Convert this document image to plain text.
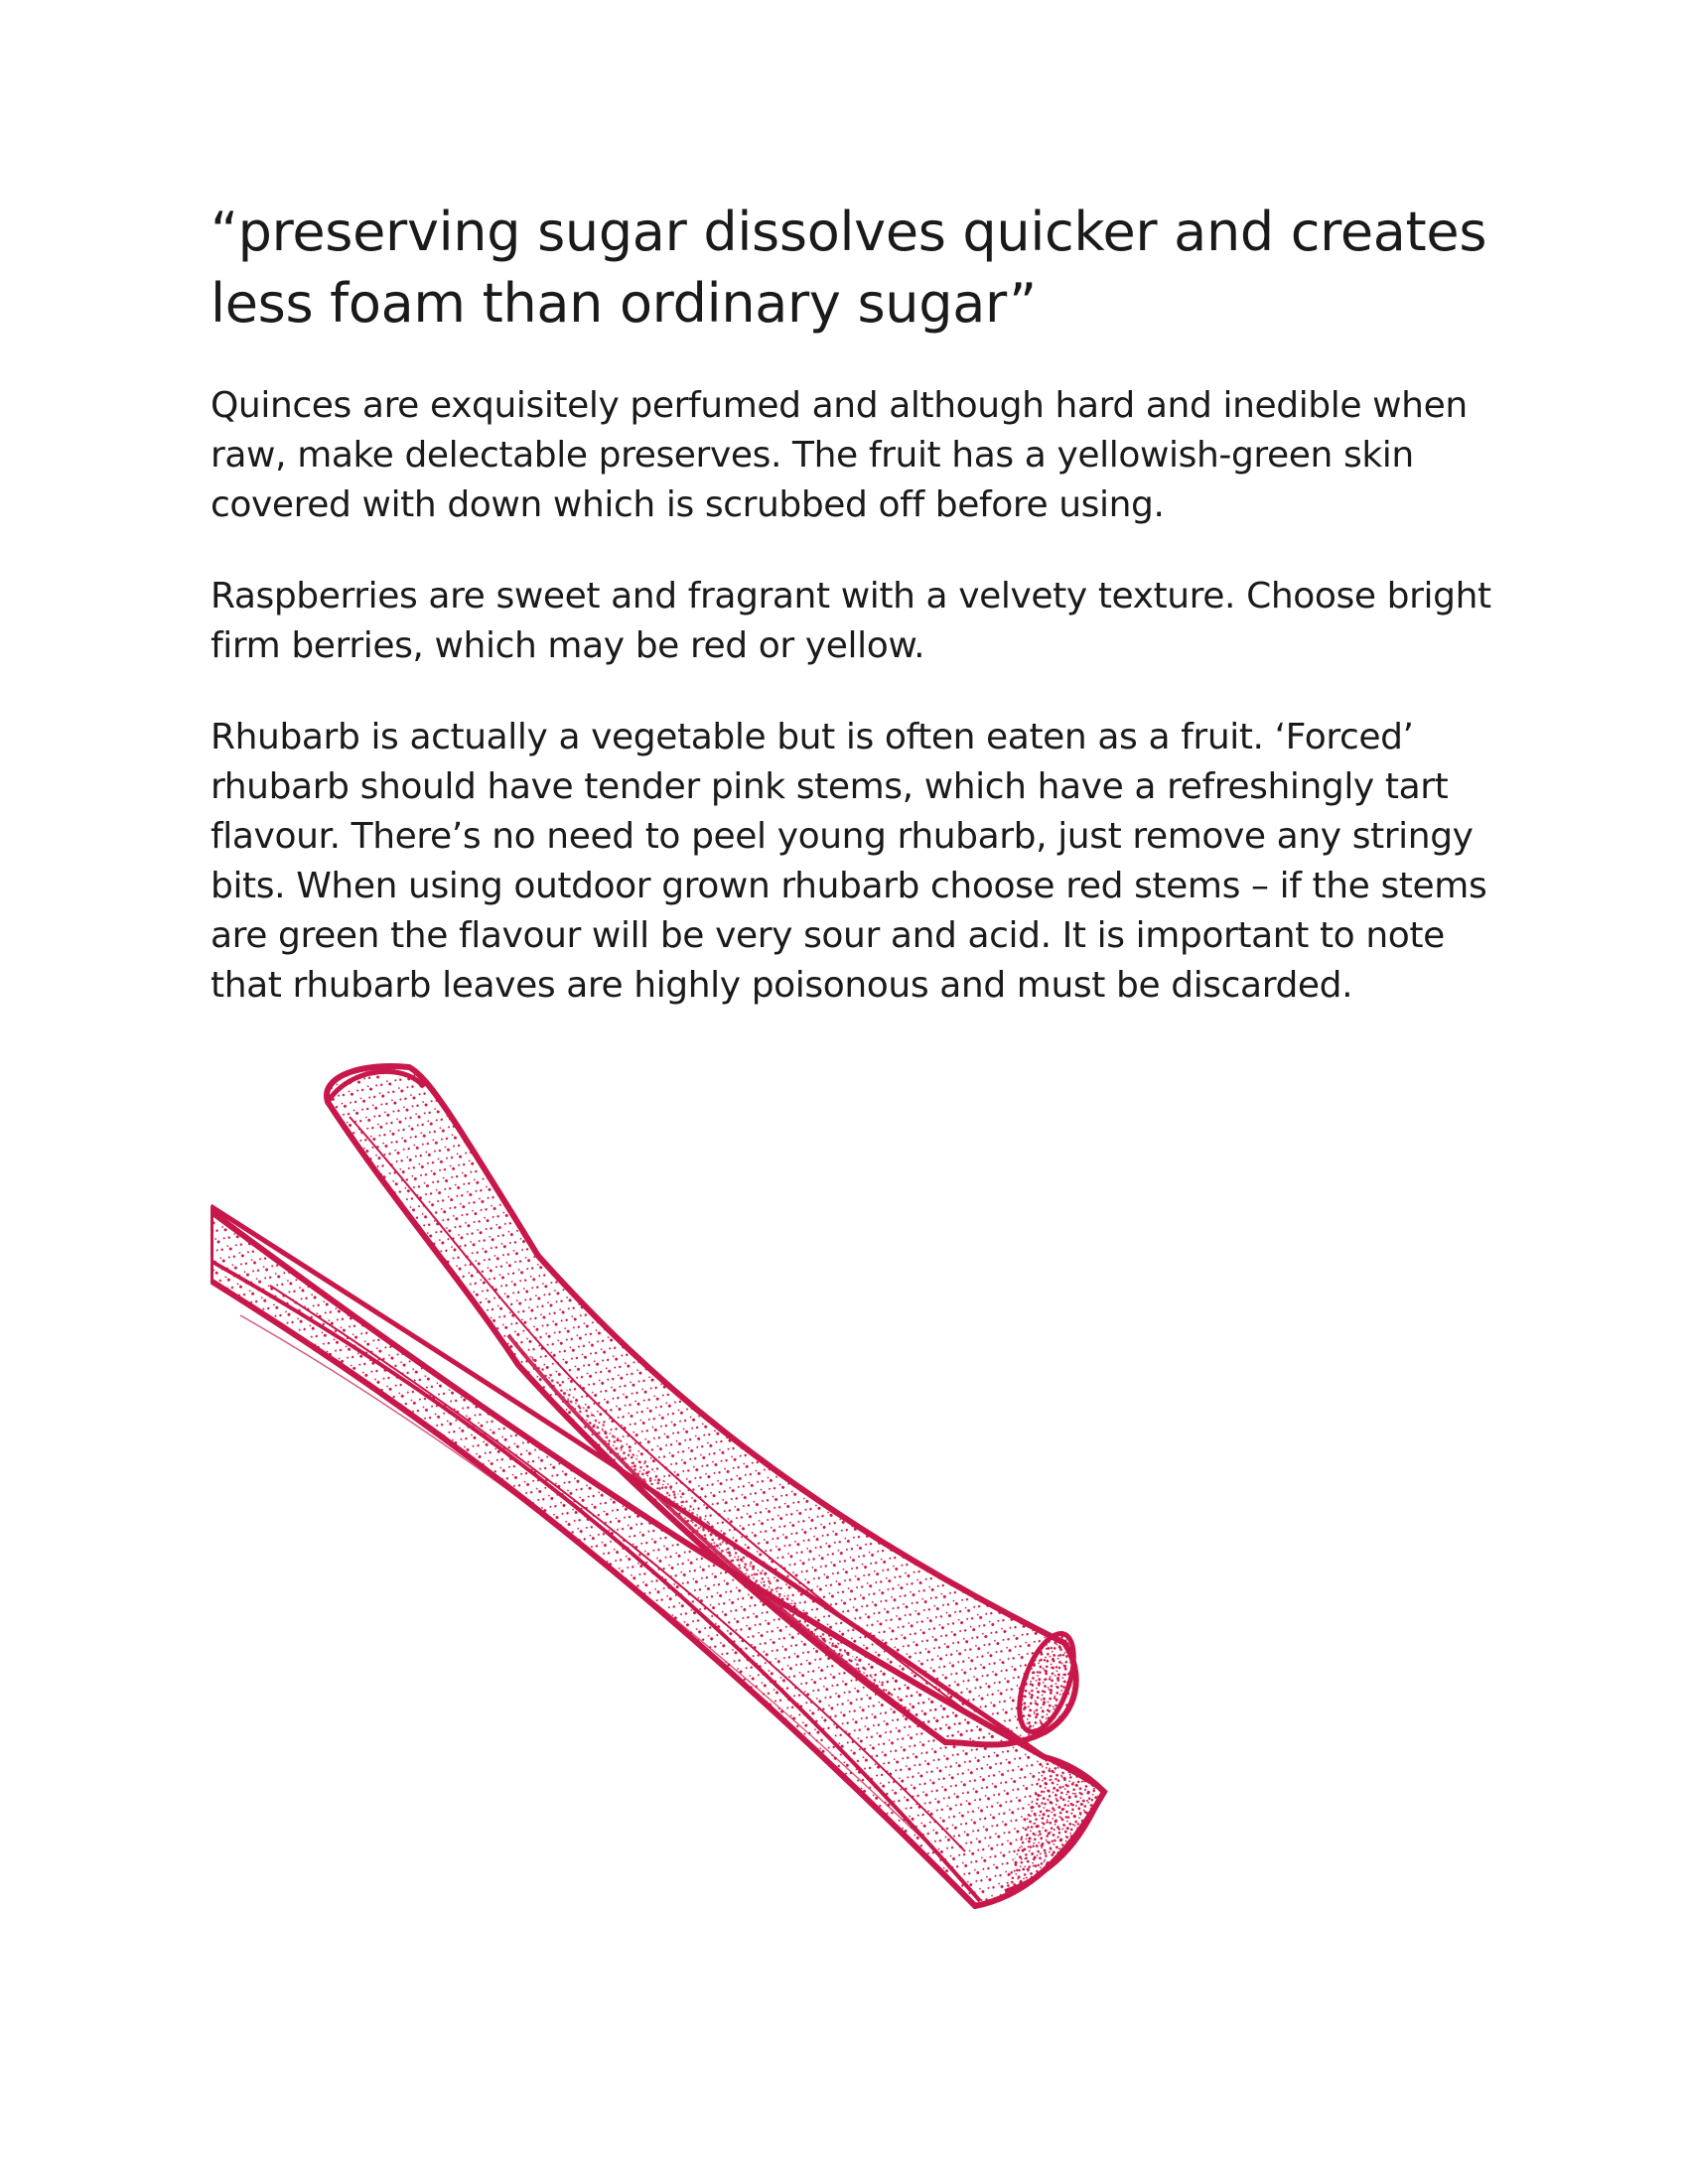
“preserving sugar dissolves quicker and creates less foam than ordinary sugar”

Quinces are exquisitely perfumed and although hard and inedible when raw, make delectable preserves. The fruit has a yellowish-green skin covered with down which is scrubbed off before using.

Raspberries are sweet and fragrant with a velvety texture. Choose bright firm berries, which may be red or yellow.

Rhubarb is actually a vegetable but is often eaten as a fruit. ‘Forced’ rhubarb should have tender pink stems, which have a refreshingly tart flavour. There’s no need to peel young rhubarb, just remove any stringy bits. When using outdoor grown rhubarb choose red stems – if the stems are green the flavour will be very sour and acid. It is important to note that rhubarb leaves are highly poisonous and must be discarded.
